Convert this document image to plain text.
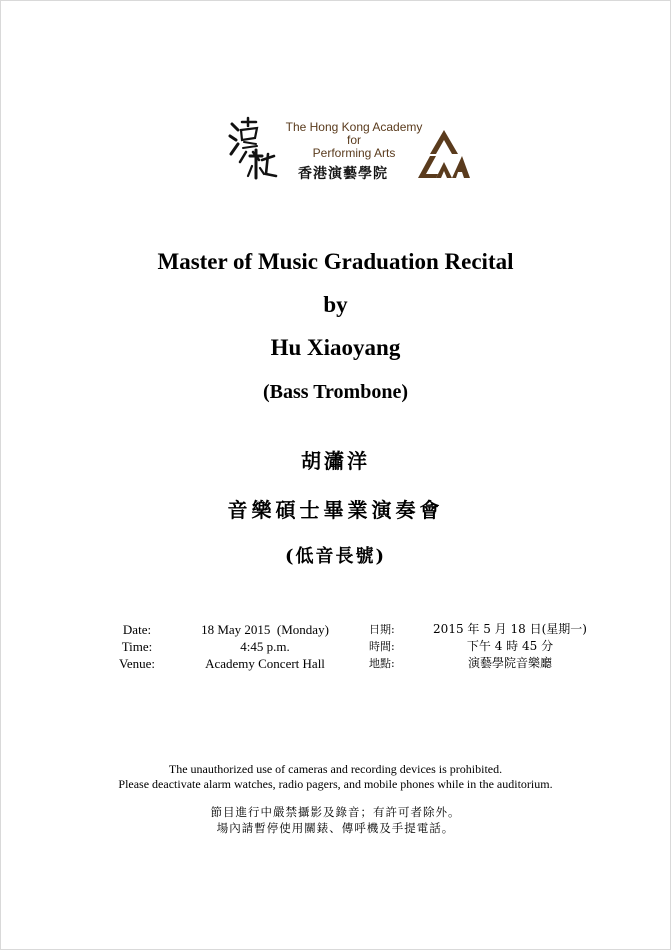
The Hong Kong Academy
for
Performing Arts
香港演藝學院
Master of Music Graduation Recital
by
Hu Xiaoyang
(Bass Trombone)
胡瀟洋
音樂碩士畢業演奏會
(低音長號)
Date:
Time:
Venue:
18 May 2015  (Monday)
4:45 p.m.
Academy Concert Hall
日期:
時間:
地點:
2015 年 5 月 18 日(星期一)
下午 4 時 45 分
演藝學院音樂廳
The unauthorized use of cameras and recording devices is prohibited.
Please deactivate alarm watches, radio pagers, and mobile phones while in the auditorium.
節目進行中嚴禁攝影及錄音；有許可者除外。
場內請暫停使用關錶、傳呼機及手提電話。
